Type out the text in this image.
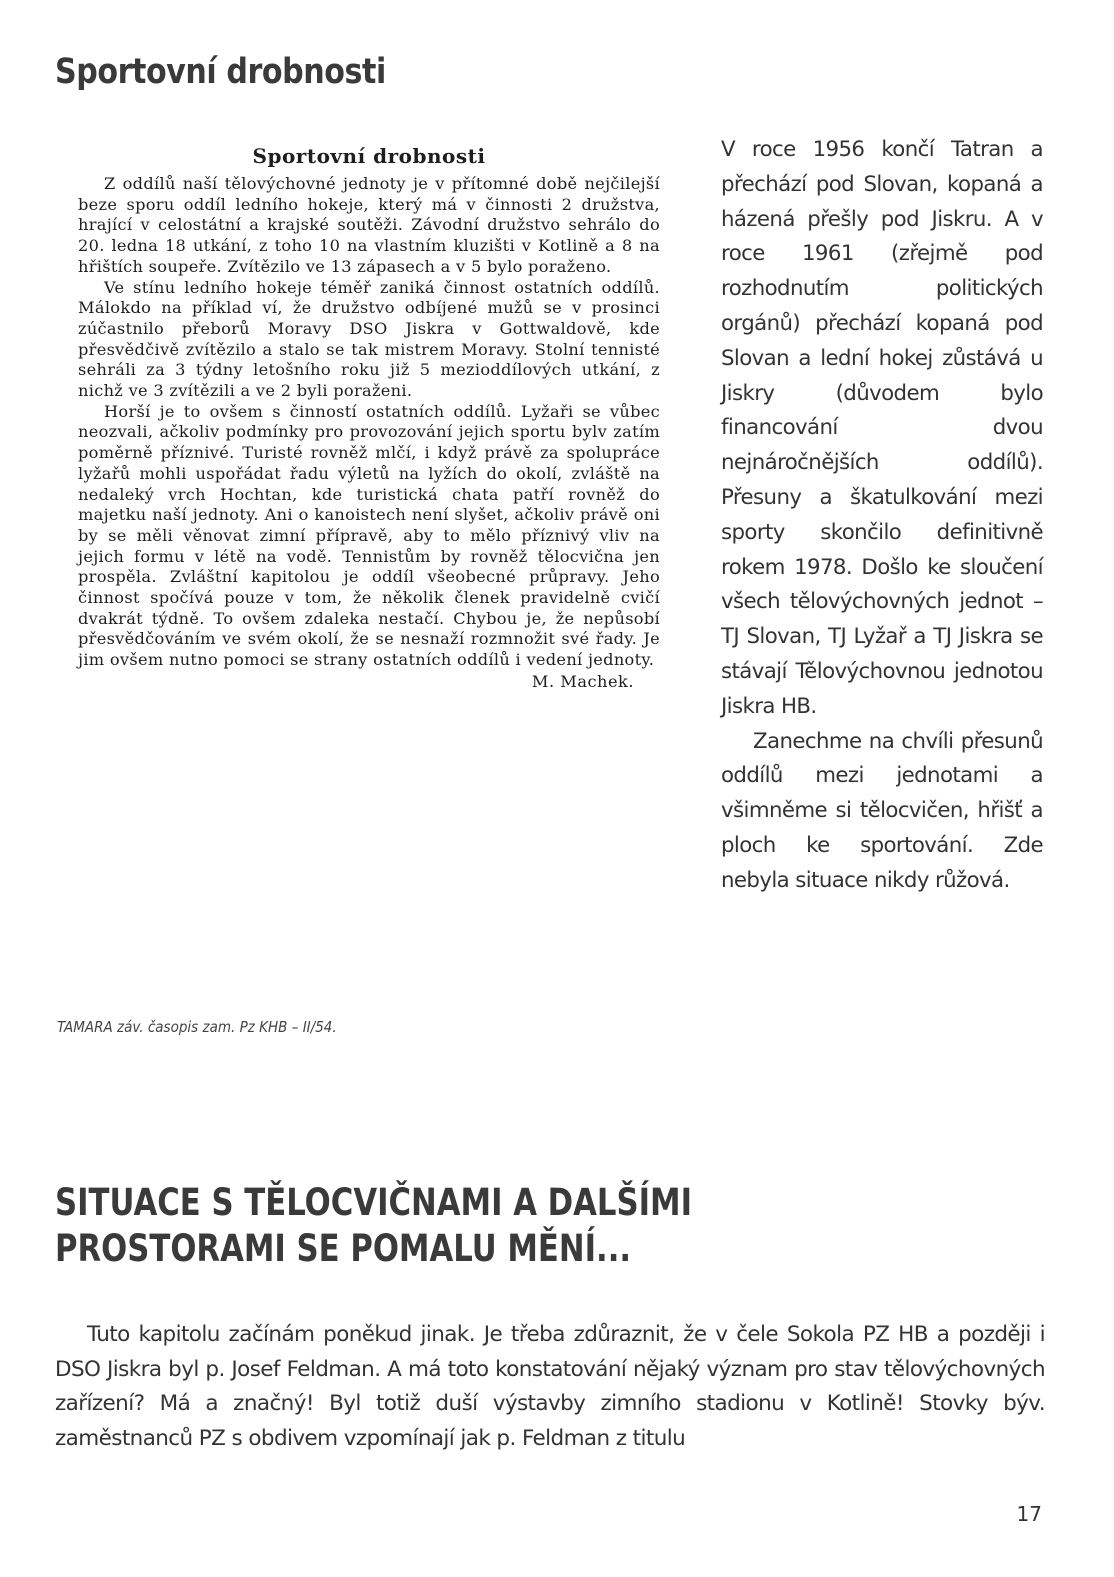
Sportovní drobnosti
Sportovní drobnosti

Z oddílů naší tělovýchovné jednoty je v přítomné době nejčilejší beze sporu oddíl ledního hokeje, který má v činnosti 2 družstva, hrající v celostátní a krajské soutěži. Závodní družstvo sehrálo do 20. ledna 18 utkání, z toho 10 na vlastním kluzišti v Kotlině a 8 na hřištích soupeře. Zvítězilo ve 13 zápasech a v 5 bylo poraženo.

Ve stínu ledního hokeje téměř zaniká činnost ostatních oddílů. Málokdo na příklad ví, že družstvo odbíjené mužů se v prosinci zúčastnilo přeborů Moravy DSO Jiskra v Gottwaldově, kde přesvědčivě zvítězilo a stalo se tak mistrem Moravy. Stolní tennisté sehráli za 3 týdny letošního roku již 5 mezioddílových utkání, z nichž ve 3 zvítězili a ve 2 byli poraženi.

Horší je to ovšem s činností ostatních oddílů. Lyžaři se vůbec neozvali, ačkoliv podmínky pro provozování jejich sportu bylv zatím poměrně příznivé. Turisté rovněž mlčí, i když právě za spolupráce lyžařů mohli uspořádat řadu výletů na lyžích do okolí, zvláště na nedaleký vrch Hochtan, kde turistická chata patří rovněž do majetku naší jednoty. Ani o kanoistech není slyšet, ačkoliv právě oni by se měli věnovat zimní přípravě, aby to mělo příznivý vliv na jejich formu v létě na vodě. Tennistům by rovněž tělocvična jen prospěla. Zvláštní kapitolou je oddíl všeobecné průpravy. Jeho činnost spočívá pouze v tom, že několik členek pravidelně cvičí dvakrát týdně. To ovšem zdaleka nestačí. Chybou je, že nepůsobí přesvědčováním ve svém okolí, že se nesnaží rozmnožit své řady. Je jim ovšem nutno pomoci se strany ostatních oddílů i vedení jednoty.

M. Machek.
TAMARA záv. časopis zam. Pz KHB – II/54.

V roce 1956 končí Tatran a přechází pod Slovan, kopaná a házená přešly pod Jiskru. A v roce 1961 (zřejmě pod rozhodnutím politických orgánů) přechází kopaná pod Slovan a lední hokej zůstává u Jiskry (důvodem bylo financování dvou nejnáročnějších oddílů). Přesuny a škatulkování mezi sporty skončilo definitivně rokem 1978. Došlo ke sloučení všech tělovýchovných jednot – TJ Slovan, TJ Lyžař a TJ Jiskra se stávají Tělovýchovnou jednotou Jiskra HB.

Zanechme na chvíli přesunů oddílů mezi jednotami a všimněme si tělocvičen, hřišť a ploch ke sportování. Zde nebyla situace nikdy růžová.

SITUACE S TĚLOCVIČNAMI A DALŠÍMI PROSTORAMI SE POMALU MĚNÍ...

Tuto kapitolu začínám poněkud jinak. Je třeba zdůraznit, že v čele Sokola PZ HB a později i DSO Jiskra byl p. Josef Feldman. A má toto konstatování nějaký význam pro stav tělovýchovných zařízení? Má a značný! Byl totiž duší výstavby zimního stadionu v Kotlině! Stovky býv. zaměstnanců PZ s obdivem vzpomínají jak p. Feldman z titulu

17
